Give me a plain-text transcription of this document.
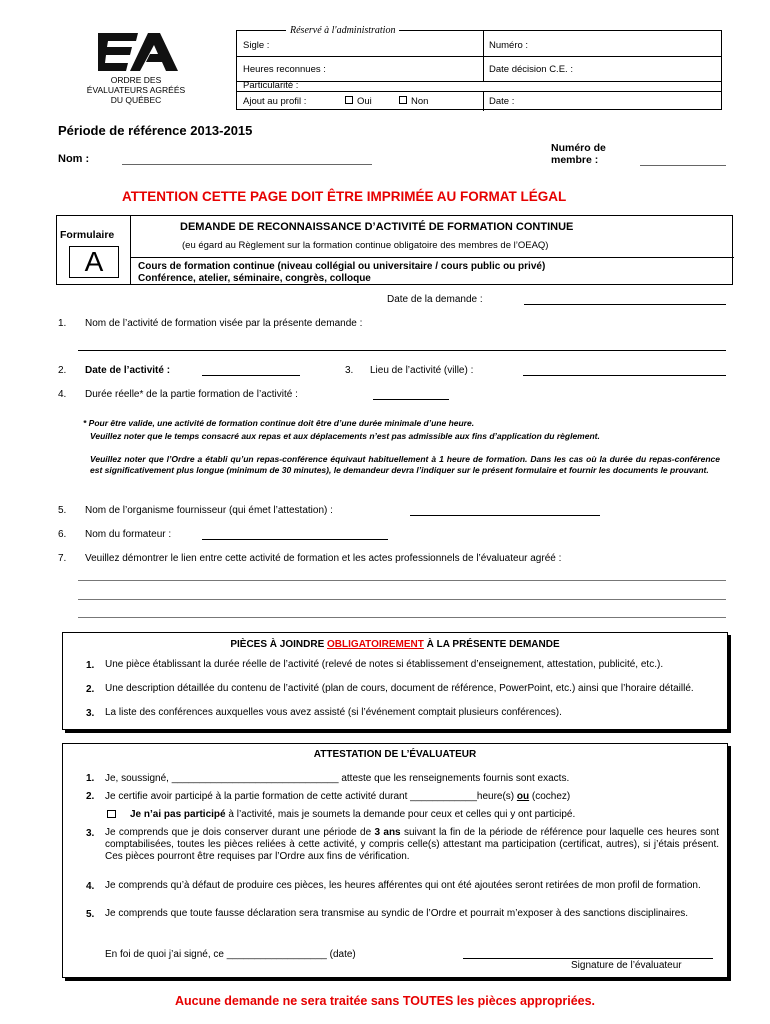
ORDRE DES
ÉVALUATEURS AGRÉÉS
DU QUÉBEC
Réservé à l'administration
Sigle :	Numéro :
Heures reconnues :	Date décision C.E. :
Particularité :
Ajout au profil :	Oui	Non	Date :
Période de référence 2013-2015
Nom :
Numéro de
membre :
ATTENTION CETTE PAGE DOIT ÊTRE IMPRIMÉE AU FORMAT LÉGAL
Formulaire
A
DEMANDE DE RECONNAISSANCE D’ACTIVITÉ DE FORMATION CONTINUE
(eu égard au Règlement sur la formation continue obligatoire des membres de l’OEAQ)
Cours de formation continue (niveau collégial ou universitaire / cours public ou privé)
Conférence, atelier, séminaire, congrès, colloque
Date de la demande :
1. Nom de l’activité de formation visée par la présente demande :
2. Date de l’activité :	3. Lieu de l’activité (ville) :
4. Durée réelle* de la partie formation de l’activité :
* Pour être valide, une activité de formation continue doit être d’une durée minimale d’une heure.

Veuillez noter que le temps consacré aux repas et aux déplacements n’est pas admissible aux fins d’application du règlement.

Veuillez noter que l’Ordre a établi qu’un repas-conférence équivaut habituellement à 1 heure de formation. Dans les cas où la durée du repas-conférence est significativement plus longue (minimum de 30 minutes), le demandeur devra l’indiquer sur le présent formulaire et fournir les documents le prouvant.

5. Nom de l’organisme fournisseur (qui émet l’attestation) :
6. Nom du formateur :
7. Veuillez démontrer le lien entre cette activité de formation et les actes professionnels de l’évaluateur agréé :
PIÈCES À JOINDRE OBLIGATOIREMENT À LA PRÉSENTE DEMANDE
1. Une pièce établissant la durée réelle de l’activité (relevé de notes si établissement d’enseignement, attestation, publicité, etc.).

2. Une description détaillée du contenu de l’activité (plan de cours, document de référence, PowerPoint, etc.) ainsi que l’horaire détaillé.

3. La liste des conférences auxquelles vous avez assisté (si l’événement comptait plusieurs conférences).

ATTESTATION DE L’ÉVALUATEUR
1. Je, soussigné, ______________________________ atteste que les renseignements fournis sont exacts.
2. Je certifie avoir participé à la partie formation de cette activité durant ____________heure(s) ou (cochez)
Je n’ai pas participé à l’activité, mais je soumets la demande pour ceux et celles qui y ont participé.
3. Je comprends que je dois conserver durant une période de 3 ans suivant la fin de la période de référence pour laquelle ces heures sont comptabilisées, toutes les pièces reliées à cette activité, y compris celle(s) attestant ma participation (certificat, autres), si j’étais présent. Ces pièces pourront être requises par l’Ordre aux fins de vérification.

4. Je comprends qu’à défaut de produire ces pièces, les heures afférentes qui ont été ajoutées seront retirées de mon profil de formation.

5. Je comprends que toute fausse déclaration sera transmise au syndic de l’Ordre et pourrait m’exposer à des sanctions disciplinaires.

En foi de quoi j’ai signé, ce __________________ (date)
Signature de l’évaluateur
Aucune demande ne sera traitée sans TOUTES les pièces appropriées.
